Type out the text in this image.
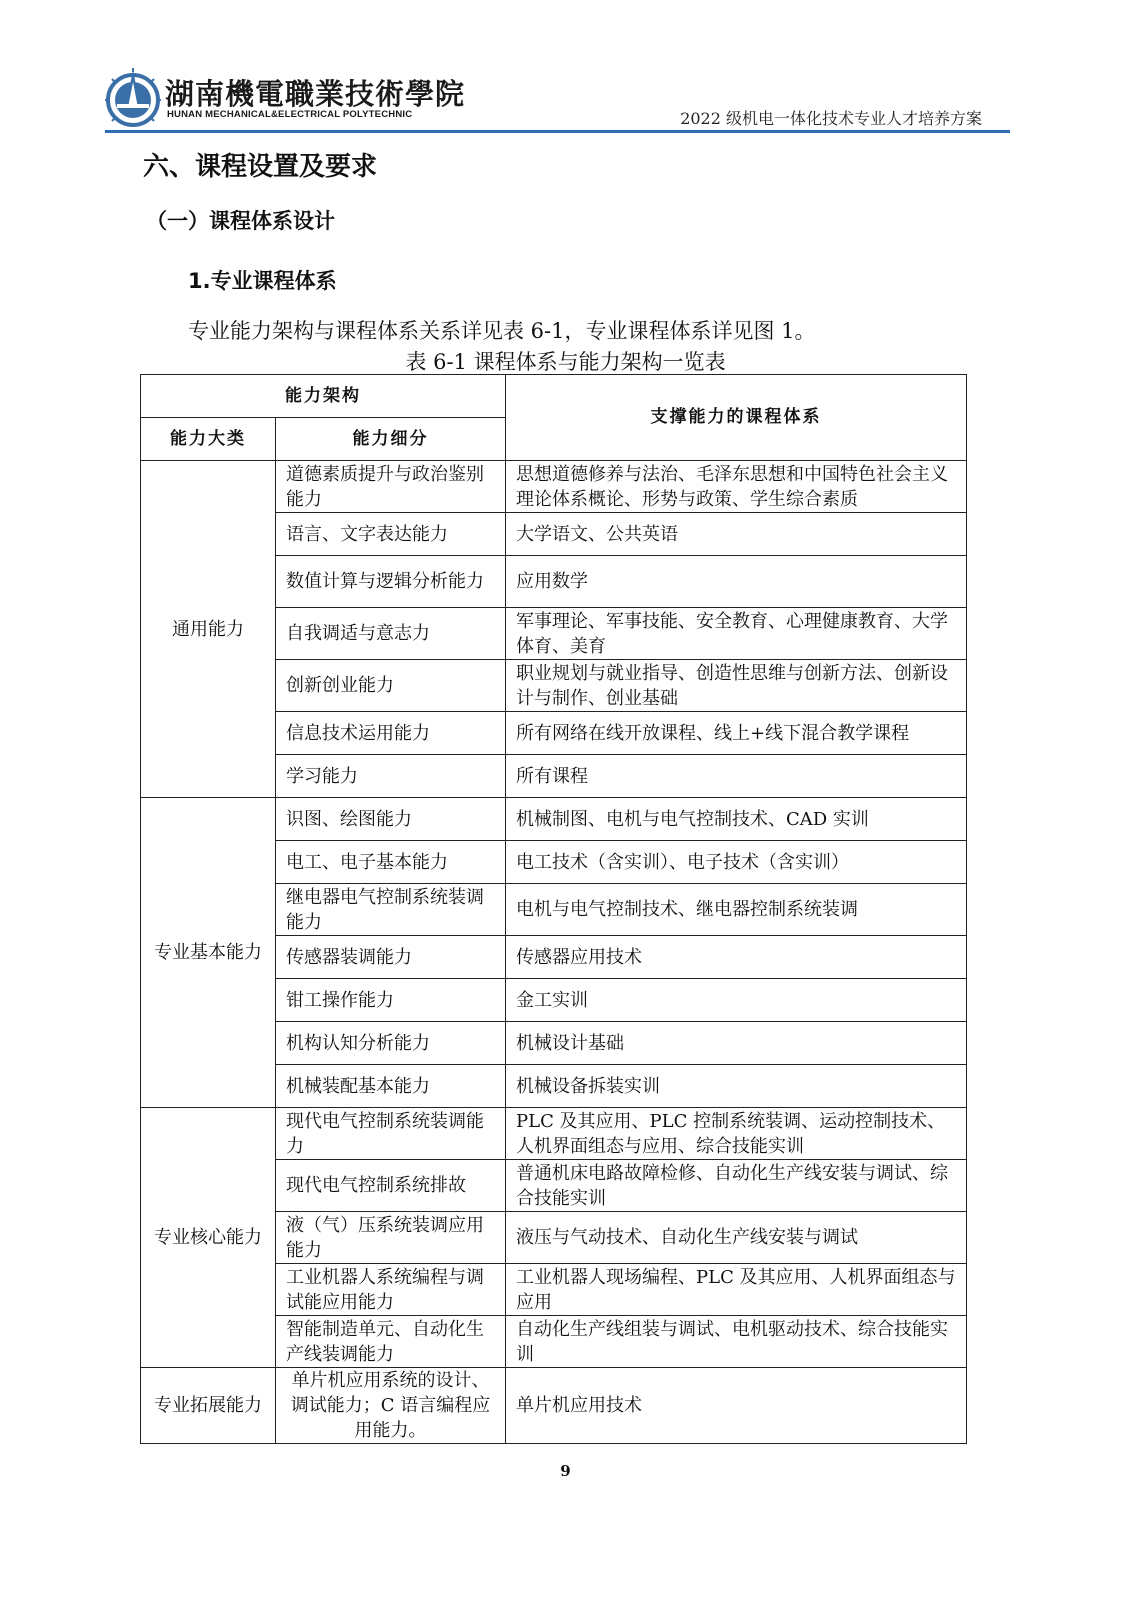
湖南機電職業技術學院
HUNAN MECHANICAL&ELECTRICAL POLYTECHNIC	2022 级机电一体化技术专业人才培养方案
六、课程设置及要求
（一）课程体系设计
1.专业课程体系
专业能力架构与课程体系关系详见表 6-1，专业课程体系详见图 1。
表 6-1 课程体系与能力架构一览表
能力架构		支撑能力的课程体系
能力大类	能力细分	
通用能力	道德素质提升与政治鉴别能力	思想道德修养与法治、毛泽东思想和中国特色社会主义理论体系概论、形势与政策、学生综合素质
	语言、文字表达能力	大学语文、公共英语
	数值计算与逻辑分析能力	应用数学
	自我调适与意志力	军事理论、军事技能、安全教育、心理健康教育、大学体育、美育
	创新创业能力	职业规划与就业指导、创造性思维与创新方法、创新设计与制作、创业基础
	信息技术运用能力	所有网络在线开放课程、线上+线下混合教学课程
	学习能力	所有课程
专业基本能力	识图、绘图能力	机械制图、电机与电气控制技术、CAD 实训
	电工、电子基本能力	电工技术（含实训）、电子技术（含实训）
	继电器电气控制系统装调能力	电机与电气控制技术、继电器控制系统装调
	传感器装调能力	传感器应用技术
	钳工操作能力	金工实训
	机构认知分析能力	机械设计基础
	机械装配基本能力	机械设备拆装实训
专业核心能力	现代电气控制系统装调能力	PLC 及其应用、PLC 控制系统装调、运动控制技术、人机界面组态与应用、综合技能实训
	现代电气控制系统排故	普通机床电路故障检修、自动化生产线安装与调试、综合技能实训
	液（气）压系统装调应用能力	液压与气动技术、自动化生产线安装与调试
	工业机器人系统编程与调试能应用能力	工业机器人现场编程、PLC 及其应用、人机界面组态与应用
	智能制造单元、自动化生产线装调能力	自动化生产线组装与调试、电机驱动技术、综合技能实训
专业拓展能力	单片机应用系统的设计、调试能力；C 语言编程应用能力。	单片机应用技术
9
